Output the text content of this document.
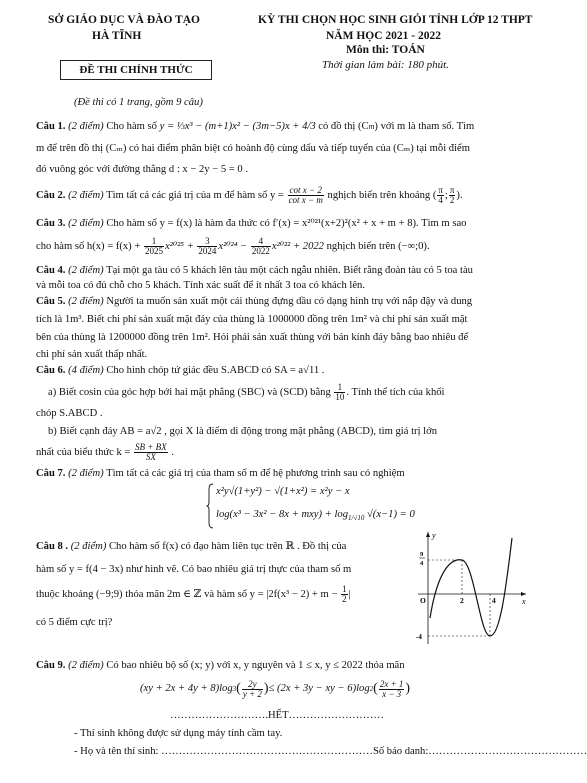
SỞ GIÁO DỤC VÀ ĐÀO TẠO
HÀ TĨNH
ĐỀ THI CHÍNH THỨC
KỲ THI CHỌN HỌC SINH GIỎI TỈNH LỚP 12 THPT
NĂM HỌC 2021 - 2022
Môn thi: TOÁN
Thời gian làm bài: 180 phút.
(Đề thi có 1 trang, gồm 9 câu)
Câu 1. (2 điểm) Cho hàm số y = ⅓x³ − (m+1)x² − (3m−5)x + 4/3 có đồ thị (Cm) với m là tham số. Tìm
m để trên đồ thị (Cₘ) có hai điểm phân biệt có hoành độ cùng dấu và tiếp tuyến của (Cₘ) tại mỗi điểm
đó vuông góc với đường thẳng d : x − 2y − 5 = 0 .
Câu 2. (2 điểm) Tìm tất cả các giá trị của m để hàm số $y = \frac{\text{cot x − 2}}{\text{cot x − m}}$ nghịch biến trên khoảng ( $\frac{\pi}{4}$ ; $\frac{\pi}{2}$ ).
Câu 3. (2 điểm) Cho hàm số y = f(x) là hàm đa thức có f′(x) = x²⁰²¹(x+2)²(x² + x + m + 8). Tìm m sao
cho hàm số $h(x) = f(x) + \frac{1}{2025} x^{2025} + \frac{3}{2024} x^{2024} - \frac{4}{2022} x^{2022} + 2022$ nghịch biến trên (−∞;0).
Câu 4. (2 điểm) Tại một ga tàu có 5 khách lên tàu một cách ngẫu nhiên. Biết rằng đoàn tàu có 5 toa tàu
và mỗi toa có đủ chỗ cho 5 khách. Tính xác suất để ít nhất 3 toa có khách lên.
Câu 5. (2 điểm) Người ta muốn sản xuất một cái thùng đựng dầu có dạng hình trụ với nắp đậy và dung
tích là 1m³. Biết chi phí sản xuất mặt đáy của thùng là 1000000 đồng trên 1m² và chi phí sản xuất mặt
bên của thùng là 1200000 đồng trên 1m². Hỏi phải sản xuất thùng với bán kính đáy bằng bao nhiêu để
chi phí sản xuất thấp nhất.
Câu 6. (4 điểm) Cho hình chóp tứ giác đều S.ABCD có SA = a√11 .
a) Biết cosin của góc hợp bởi hai mặt phẳng (SBC) và (SCD) bằng $\frac{1}{10}$ . Tính thể tích của khối
chóp S.ABCD .
b) Biết cạnh đáy AB = a√2 , gọi X là điểm di động trong mặt phẳng (ABCD), tìm giá trị lớn
nhất của biểu thức $k = \frac{SB + BX}{SX}$ .
Câu 7. (2 điểm) Tìm tất cả các giá trị của tham số m để hệ phương trình sau có nghiệm
x²y√(1+y²) − √(1+x²) = x²y − x
$\log(x^3 - 3x^2 - 8x + mxy) + \log_{1/√10} √(x-1) = 0$
Câu 8 . (2 điểm) Cho hàm số f(x) có đạo hàm liên tục trên ℝ . Đồ thị của
hàm số y = f(4 − 3x) như hình vẽ. Có bao nhiêu giá trị thực của tham số m
thuộc khoảng (−9;9) thỏa mãn 2m ∈ ℤ và hàm số $y = |2f(x^3 - 2) + m - \frac{1}{2}$ |
có 5 điểm cực trị?
y
x
O	2	4
9
4
-4
Câu 9. (2 điểm) Có bao nhiêu bộ số (x; y) với x, y nguyên và 1 ≤ x, y ≤ 2022 thỏa mãn
(xy + 2x + 4y + 8)log 3 ( $\frac{2y}{y + 2}$ ) ≤ (2x + 3y − xy − 6)log 2 ( $\frac{2x + 1}{x - 3}$ )
……………………….HẾT………………………
- Thí sinh không được sử dụng máy tính cầm tay.
- Họ và tên thí sinh: ……………………………………………………Số báo danh:………………………………………
